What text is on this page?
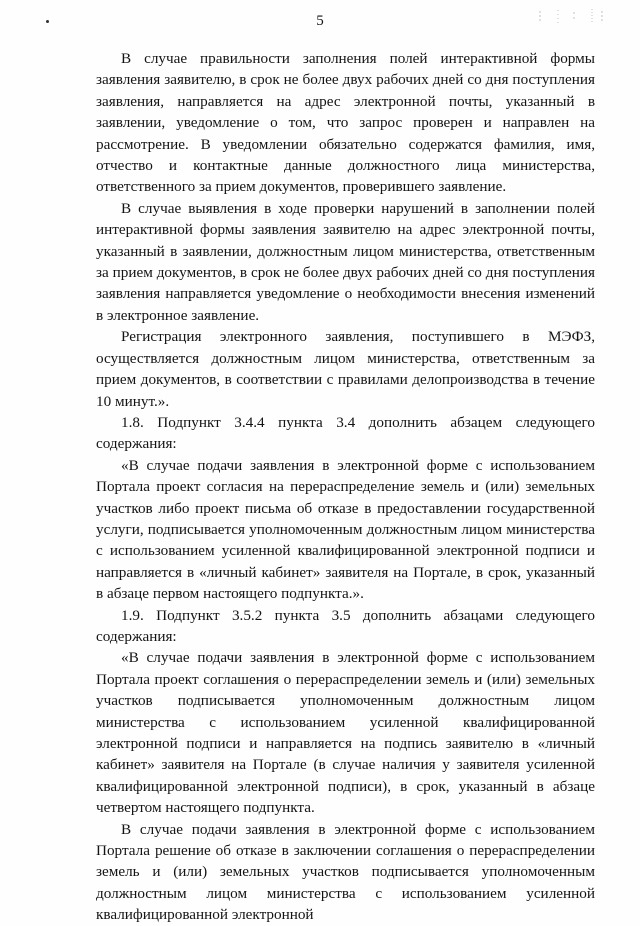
5

В случае правильности заполнения полей интерактивной формы заявления заявителю, в срок не более двух рабочих дней со дня поступления заявления, направляется на адрес электронной почты, указанный в заявлении, уведомление о том, что запрос проверен и направлен на рассмотрение. В уведомлении обязательно содержатся фамилия, имя, отчество и контактные данные должностного лица министерства, ответственного за прием документов, проверившего заявление.

В случае выявления в ходе проверки нарушений в заполнении полей интерактивной формы заявления заявителю на адрес электронной почты, указанный в заявлении, должностным лицом министерства, ответственным за прием документов, в срок не более двух рабочих дней со дня поступления заявления направляется уведомление о необходимости внесения изменений в электронное заявление.

Регистрация электронного заявления, поступившего в МЭФЗ, осуществляется должностным лицом министерства, ответственным за прием документов, в соответствии с правилами делопроизводства в течение 10 минут.».

1.8. Подпункт 3.4.4 пункта 3.4 дополнить абзацем следующего содержания:

«В случае подачи заявления в электронной форме с использованием Портала проект согласия на перераспределение земель и (или) земельных участков либо проект письма об отказе в предоставлении государственной услуги, подписывается уполномоченным должностным лицом министерства с использованием усиленной квалифицированной электронной подписи и направляется в «личный кабинет» заявителя на Портале, в срок, указанный в абзаце первом настоящего подпункта.».

1.9. Подпункт 3.5.2 пункта 3.5 дополнить абзацами следующего содержания:

«В случае подачи заявления в электронной форме с использованием Портала проект соглашения о перераспределении земель и (или) земельных участков подписывается уполномоченным должностным лицом министерства с использованием усиленной квалифицированной электронной подписи и направляется на подпись заявителю в «личный кабинет» заявителя на Портале (в случае наличия у заявителя усиленной квалифицированной электронной подписи), в срок, указанный в абзаце четвертом настоящего подпункта.

В случае подачи заявления в электронной форме с использованием Портала решение об отказе в заключении соглашения о перераспределении земель и (или) земельных участков подписывается уполномоченным должностным лицом министерства с использованием усиленной квалифицированной электронной
